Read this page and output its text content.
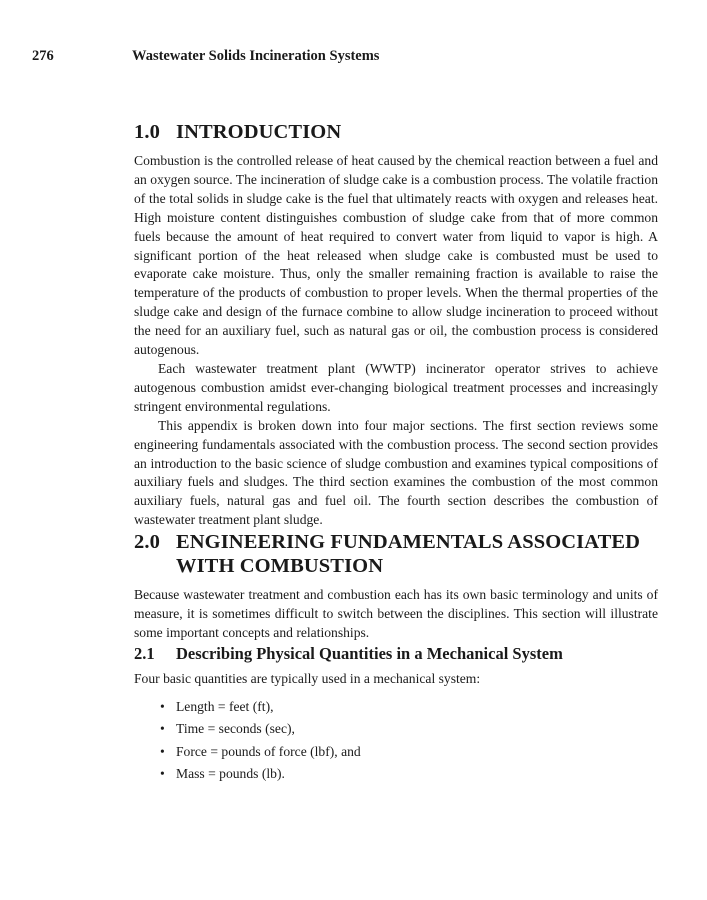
276	Wastewater Solids Incineration Systems
1.0 INTRODUCTION

Combustion is the controlled release of heat caused by the chemical reaction between a fuel and an oxygen source. The incineration of sludge cake is a combustion process. The volatile fraction of the total solids in sludge cake is the fuel that ultimately reacts with oxygen and releases heat. High moisture content distinguishes combustion of sludge cake from that of more common fuels because the amount of heat required to convert water from liquid to vapor is high. A significant portion of the heat released when sludge cake is combusted must be used to evaporate cake moisture. Thus, only the smaller remaining fraction is available to raise the temperature of the products of combustion to proper levels. When the thermal properties of the sludge cake and design of the furnace combine to allow sludge incineration to proceed without the need for an auxiliary fuel, such as natural gas or oil, the combustion process is considered autogenous.

Each wastewater treatment plant (WWTP) incinerator operator strives to achieve autogenous combustion amidst ever-changing biological treatment processes and increasingly stringent environmental regulations.

This appendix is broken down into four major sections. The first section reviews some engineering fundamentals associated with the combustion process. The second section provides an introduction to the basic science of sludge combustion and examines typical compositions of auxiliary fuels and sludges. The third section examines the combustion of the most common auxiliary fuels, natural gas and fuel oil. The fourth section describes the combustion of wastewater treatment plant sludge.

2.0 ENGINEERING FUNDAMENTALS ASSOCIATED WITH COMBUSTION

Because wastewater treatment and combustion each has its own basic terminology and units of measure, it is sometimes difficult to switch between the disciplines. This section will illustrate some important concepts and relationships.

2.1	Describing Physical Quantities in a Mechanical System

Four basic quantities are typically used in a mechanical system:

• Length = feet (ft),
• Time = seconds (sec),
• Force = pounds of force (lbf), and
• Mass = pounds (lb).
